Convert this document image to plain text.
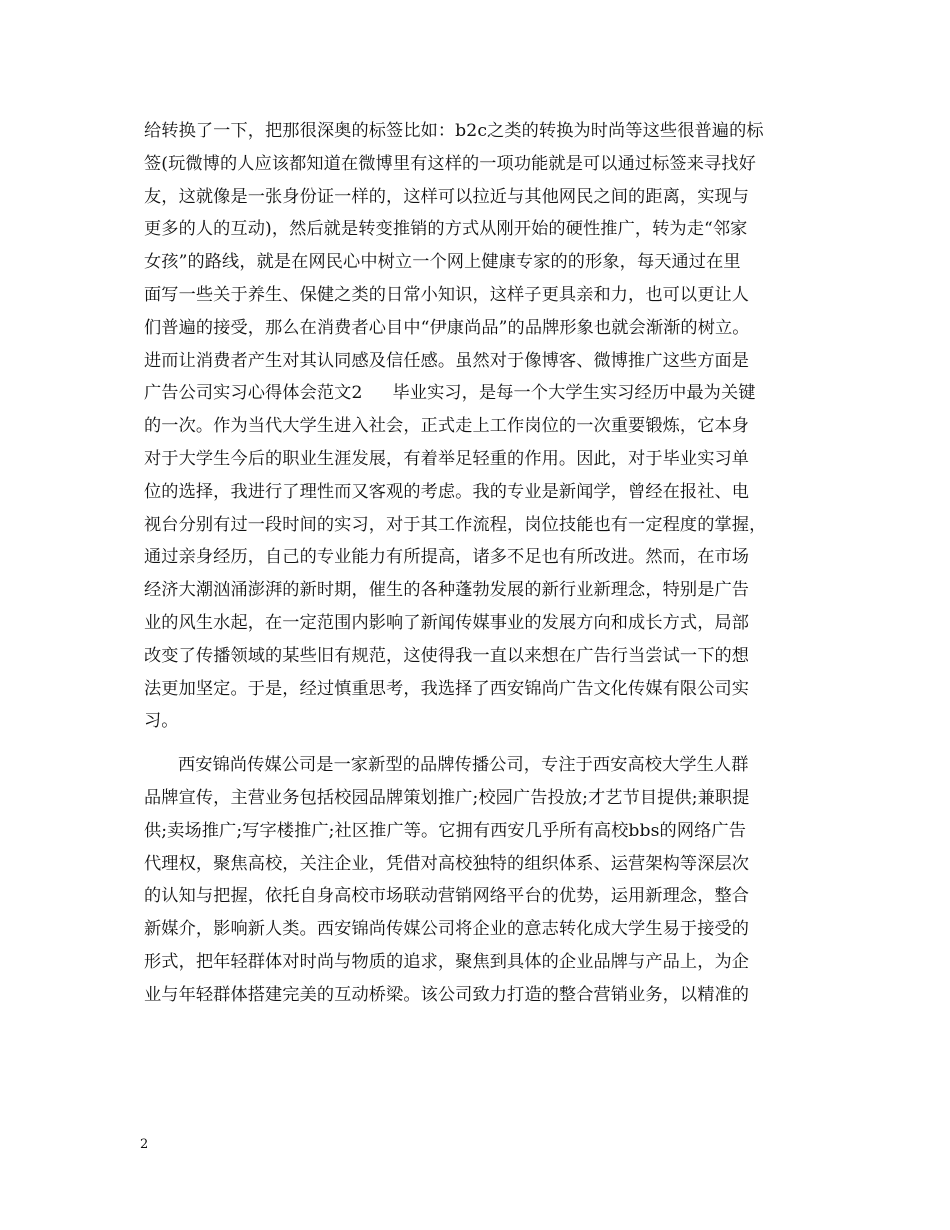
给转换了一下，把那很深奥的标签比如：b2c之类的转换为时尚等这些很普遍的标
签(玩微博的人应该都知道在微博里有这样的一项功能就是可以通过标签来寻找好
友，这就像是一张身份证一样的，这样可以拉近与其他网民之间的距离，实现与
更多的人的互动)，然后就是转变推销的方式从刚开始的硬性推广，转为走“邻家
女孩”的路线，就是在网民心中树立一个网上健康专家的的形象，每天通过在里
面写一些关于养生、保健之类的日常小知识，这样子更具亲和力，也可以更让人
们普遍的接受，那么在消费者心目中“伊康尚品”的品牌形象也就会渐渐的树立。
进而让消费者产生对其认同感及信任感。虽然对于像博客、微博推广这些方面是
广告公司实习心得体会范文2 毕业实习，是每一个大学生实习经历中最为关键
的一次。作为当代大学生进入社会，正式走上工作岗位的一次重要锻炼，它本身
对于大学生今后的职业生涯发展，有着举足轻重的作用。因此，对于毕业实习单
位的选择，我进行了理性而又客观的考虑。我的专业是新闻学，曾经在报社、电
视台分别有过一段时间的实习，对于其工作流程，岗位技能也有一定程度的掌握，
通过亲身经历，自己的专业能力有所提高，诸多不足也有所改进。然而，在市场
经济大潮汹涌澎湃的新时期，催生的各种蓬勃发展的新行业新理念，特别是广告
业的风生水起，在一定范围内影响了新闻传媒事业的发展方向和成长方式，局部
改变了传播领域的某些旧有规范，这使得我一直以来想在广告行当尝试一下的想
法更加坚定。于是，经过慎重思考，我选择了西安锦尚广告文化传媒有限公司实
习。
西安锦尚传媒公司是一家新型的品牌传播公司，专注于西安高校大学生人群
品牌宣传，主营业务包括校园品牌策划推广;校园广告投放;才艺节目提供;兼职提
供;卖场推广;写字楼推广;社区推广等。它拥有西安几乎所有高校bbs的网络广告
代理权，聚焦高校，关注企业，凭借对高校独特的组织体系、运营架构等深层次
的认知与把握，依托自身高校市场联动营销网络平台的优势，运用新理念，整合
新媒介，影响新人类。西安锦尚传媒公司将企业的意志转化成大学生易于接受的
形式，把年轻群体对时尚与物质的追求，聚焦到具体的企业品牌与产品上，为企
业与年轻群体搭建完美的互动桥梁。该公司致力打造的整合营销业务，以精准的
2
